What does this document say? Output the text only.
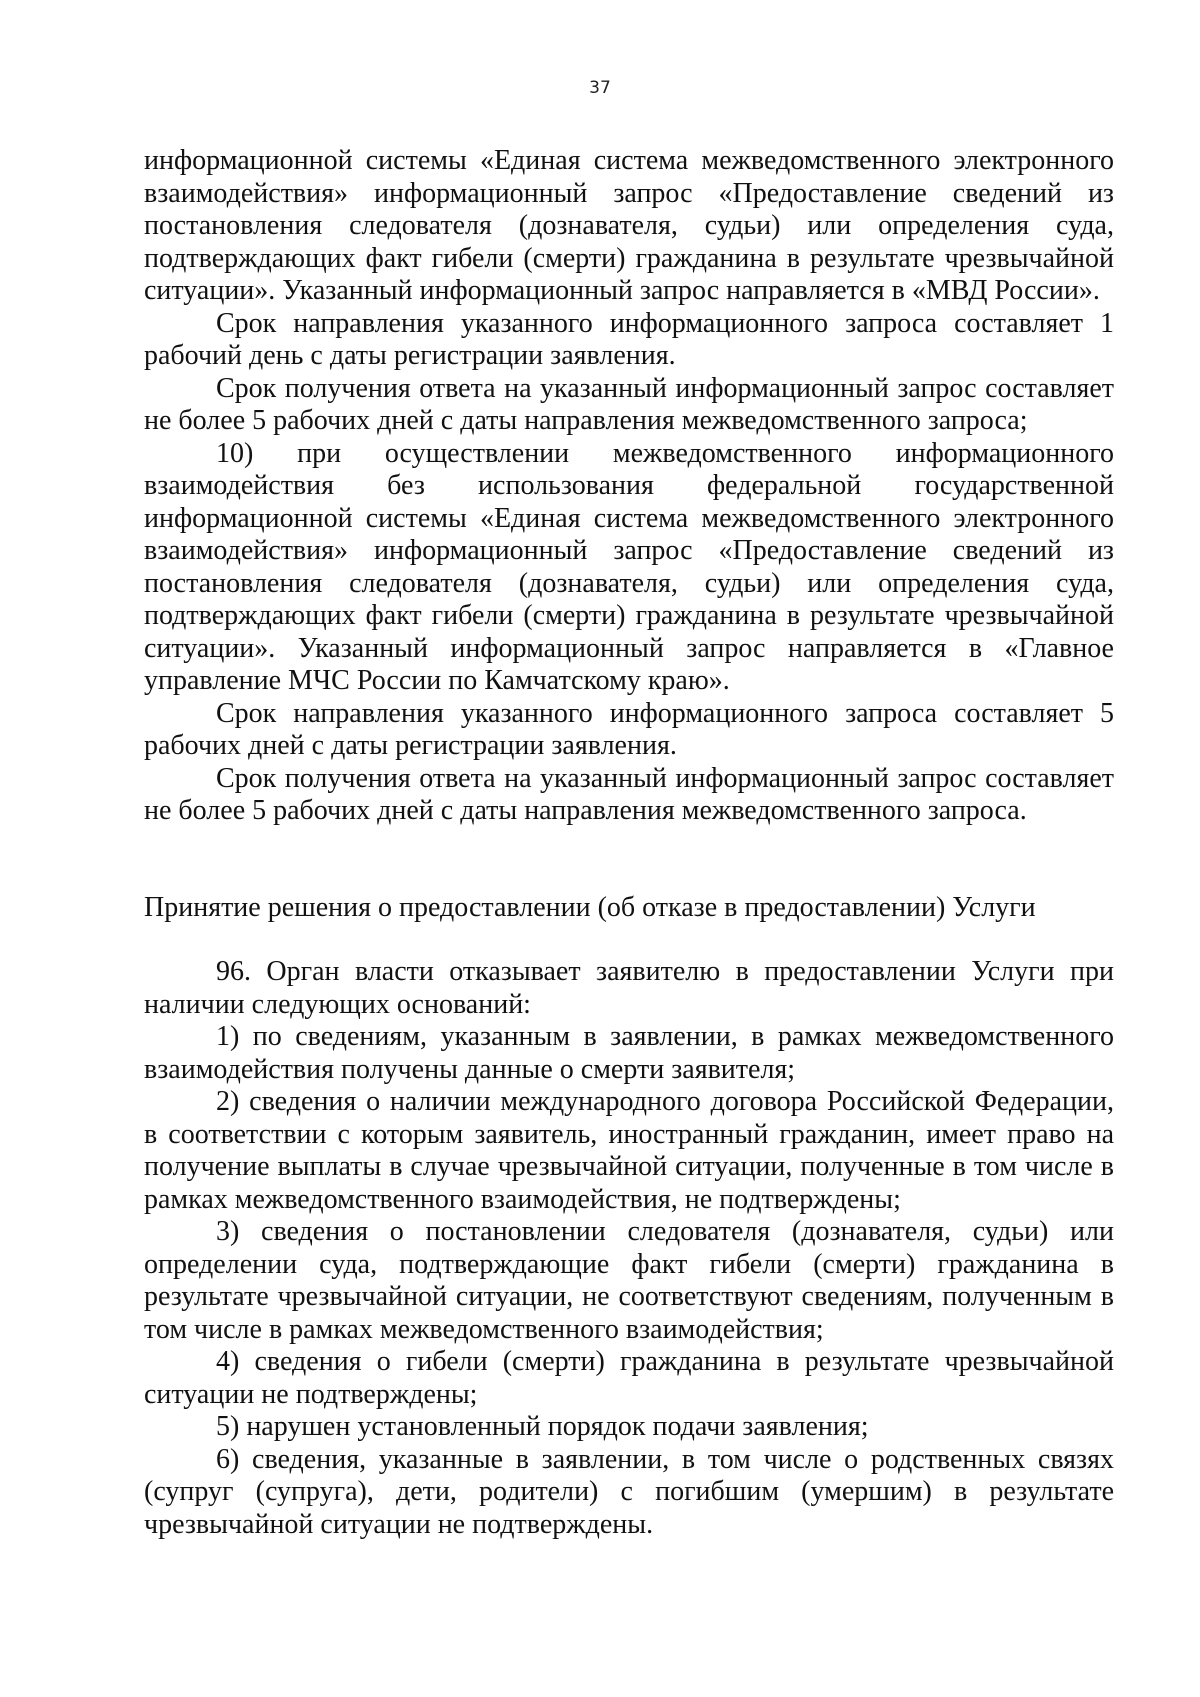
37

информационной системы «Единая система межведомственного электронного взаимодействия» информационный запрос «Предоставление сведений из постановления следователя (дознавателя, судьи) или определения суда, подтверждающих факт гибели (смерти) гражданина в результате чрезвычайной ситуации». Указанный информационный запрос направляется в «МВД России».

Срок направления указанного информационного запроса составляет 1 рабочий день с даты регистрации заявления.

Срок получения ответа на указанный информационный запрос составляет не более 5 рабочих дней с даты направления межведомственного запроса;

10) при осуществлении межведомственного информационного взаимодействия без использования федеральной государственной информационной системы «Единая система межведомственного электронного взаимодействия» информационный запрос «Предоставление сведений из постановления следователя (дознавателя, судьи) или определения суда, подтверждающих факт гибели (смерти) гражданина в результате чрезвычайной ситуации». Указанный информационный запрос направляется в «Главное управление МЧС России по Камчатскому краю».

Срок направления указанного информационного запроса составляет 5 рабочих дней с даты регистрации заявления.

Срок получения ответа на указанный информационный запрос составляет не более 5 рабочих дней с даты направления межведомственного запроса.

Принятие решения о предоставлении (об отказе в предоставлении) Услуги

96. Орган власти отказывает заявителю в предоставлении Услуги при наличии следующих оснований:

1) по сведениям, указанным в заявлении, в рамках межведомственного взаимодействия получены данные о смерти заявителя;

2) сведения о наличии международного договора Российской Федерации, в соответствии с которым заявитель, иностранный гражданин, имеет право на получение выплаты в случае чрезвычайной ситуации, полученные в том числе в рамках межведомственного взаимодействия, не подтверждены;

3) сведения о постановлении следователя (дознавателя, судьи) или определении суда, подтверждающие факт гибели (смерти) гражданина в результате чрезвычайной ситуации, не соответствуют сведениям, полученным в том числе в рамках межведомственного взаимодействия;

4) сведения о гибели (смерти) гражданина в результате чрезвычайной ситуации не подтверждены;

5) нарушен установленный порядок подачи заявления;

6) сведения, указанные в заявлении, в том числе о родственных связях (супруг (супруга), дети, родители) с погибшим (умершим) в результате чрезвычайной ситуации не подтверждены.
